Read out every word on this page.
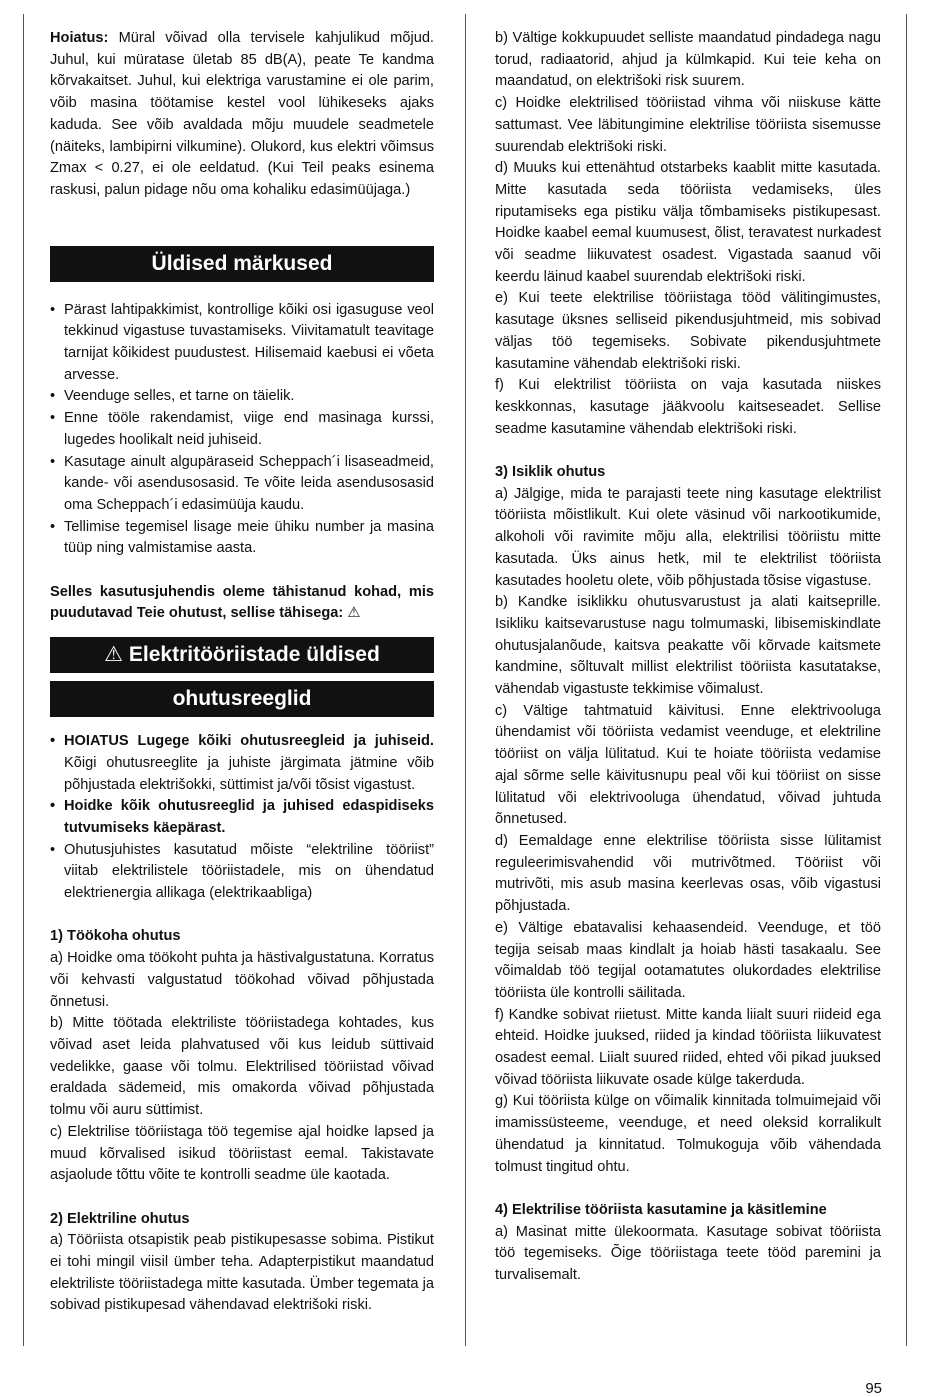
Hoiatus: Müral võivad olla tervisele kahjulikud mõjud. Juhul, kui müratase ületab 85 dB(A), peate Te kandma kõrvakaitset. Juhul, kui elektriga varustamine ei ole parim, võib masina töötamise kestel vool lühikeseks ajaks kaduda. See võib avaldada mõju muudele seadmetele (näiteks, lambipirni vilkumine). Olukord, kus elektri võimsus Zmax < 0.27, ei ole eeldatud. (Kui Teil peaks esinema raskusi, palun pidage nõu oma kohaliku edasimüüjaga.)

Üldised märkused
• Pärast lahtipakkimist, kontrollige kõiki osi igasuguse veol tekkinud vigastuse tuvastamiseks. Viivitamatult teavitage tarnijat kõikidest puudustest. Hilisemaid kaebusi ei võeta arvesse.
• Veenduge selles, et tarne on täielik.
• Enne tööle rakendamist, viige end masinaga kurssi, lugedes hoolikalt neid juhiseid.
• Kasutage ainult algupäraseid Scheppach´i lisaseadmeid, kande- või asendusosasid. Te võite leida asendusosasid oma Scheppach´i edasimüüja kaudu.
• Tellimise tegemisel lisage meie ühiku number ja masina tüüp ning valmistamise aasta.

Selles kasutusjuhendis oleme tähistanud kohad, mis puudutavad Teie ohutust, sellise tähisega: ⚠

⚠ Elektritööriistade üldised
ohutusreeglid
• HOIATUS Lugege kõiki ohutusreegleid ja juhiseid. Kõigi ohutusreeglite ja juhiste järgimata jätmine võib põhjustada elektrišokki, süttimist ja/või tõsist vigastust.
• Hoidke kõik ohutusreeglid ja juhised edaspidiseks tutvumiseks käepärast.
• Ohutusjuhistes kasutatud mõiste “elektriline tööriist” viitab elektrilistele tööriistadele, mis on ühendatud elektrienergia allikaga (elektrikaabliga)

1) Töökoha ohutus

a) Hoidke oma töökoht puhta ja hästivalgustatuna. Korratus või kehvasti valgustatud töökohad võivad põhjustada õnnetusi.

b) Mitte töötada elektriliste tööriistadega kohtades, kus võivad aset leida plahvatused või kus leidub süttivaid vedelikke, gaase või tolmu. Elektrilised tööriistad võivad eraldada sädemeid, mis omakorda võivad põhjustada tolmu või auru süttimist.

c) Elektrilise tööriistaga töö tegemise ajal hoidke lapsed ja muud kõrvalised isikud tööriistast eemal. Takistavate asjaolude tõttu võite te kontrolli seadme üle kaotada.

2) Elektriline ohutus

a) Tööriista otsapistik peab pistikupesasse sobima. Pistikut ei tohi mingil viisil ümber teha. Adapterpistikut maandatud elektriliste tööriistadega mitte kasutada. Ümber tegemata ja sobivad pistikupesad vähendavad elektrišoki riski.

b) Vältige kokkupuudet selliste maandatud pindadega nagu torud, radiaatorid, ahjud ja külmkapid. Kui teie keha on maandatud, on elektrišoki risk suurem.

c) Hoidke elektrilised tööriistad vihma või niiskuse kätte sattumast. Vee läbitungimine elektrilise tööriista sisemusse suurendab elektrišoki riski.

d) Muuks kui ettenähtud otstarbeks kaablit mitte kasutada. Mitte kasutada seda tööriista vedamiseks, üles riputamiseks ega pistiku välja tõmbamiseks pistikupesast. Hoidke kaabel eemal kuumusest, õlist, teravatest nurkadest või seadme liikuvatest osadest. Vigastada saanud või keerdu läinud kaabel suurendab elektrišoki riski.

e) Kui teete elektrilise tööriistaga tööd välitingimustes, kasutage üksnes selliseid pikendusjuhtmeid, mis sobivad väljas töö tegemiseks. Sobivate pikendusjuhtmete kasutamine vähendab elektrišoki riski.

f) Kui elektrilist tööriista on vaja kasutada niiskes keskkonnas, kasutage jääkvoolu kaitseseadet. Sellise seadme kasutamine vähendab elektrišoki riski.

3) Isiklik ohutus

a) Jälgige, mida te parajasti teete ning kasutage elektrilist tööriista mõistlikult. Kui olete väsinud või narkootikumide, alkoholi või ravimite mõju alla, elektrilisi tööriistu mitte kasutada. Üks ainus hetk, mil te elektrilist tööriista kasutades hooletu olete, võib põhjustada tõsise vigastuse.

b) Kandke isiklikku ohutusvarustust ja alati kaitseprille. Isikliku kaitsevarustuse nagu tolmumaski, libisemiskindlate ohutusjalanõude, kaitsva peakatte või kõrvade kaitsmete kandmine, sõltuvalt millist elektrilist tööriista kasutatakse, vähendab vigastuste tekkimise võimalust.

c) Vältige tahtmatuid käivitusi. Enne elektrivooluga ühendamist või tööriista vedamist veenduge, et elektriline tööriist on välja lülitatud. Kui te hoiate tööriista vedamise ajal sõrme selle käivitusnupu peal või kui tööriist on sisse lülitatud või elektrivooluga ühendatud, võivad juhtuda õnnetused.

d) Eemaldage enne elektrilise tööriista sisse lülitamist reguleerimisvahendid või mutrivõtmed. Tööriist või mutrivõti, mis asub masina keerlevas osas, võib vigastusi põhjustada.

e) Vältige ebatavalisi kehaasendeid. Veenduge, et töö tegija seisab maas kindlalt ja hoiab hästi tasakaalu. See võimaldab töö tegijal ootamatutes olukordades elektrilise tööriista üle kontrolli säilitada.

f) Kandke sobivat riietust. Mitte kanda liialt suuri riideid ega ehteid. Hoidke juuksed, riided ja kindad tööriista liikuvatest osadest eemal. Liialt suured riided, ehted või pikad juuksed võivad tööriista liikuvate osade külge takerduda.

g) Kui tööriista külge on võimalik kinnitada tolmuimejaid või imamissüsteeme, veenduge, et need oleksid korralikult ühendatud ja kinnitatud. Tolmukoguja võib vähendada tolmust tingitud ohtu.

4) Elektrilise tööriista kasutamine ja käsitlemine

a) Masinat mitte ülekoormata. Kasutage sobivat tööriista töö tegemiseks. Õige tööriistaga teete tööd paremini ja turvalisemalt.

95
